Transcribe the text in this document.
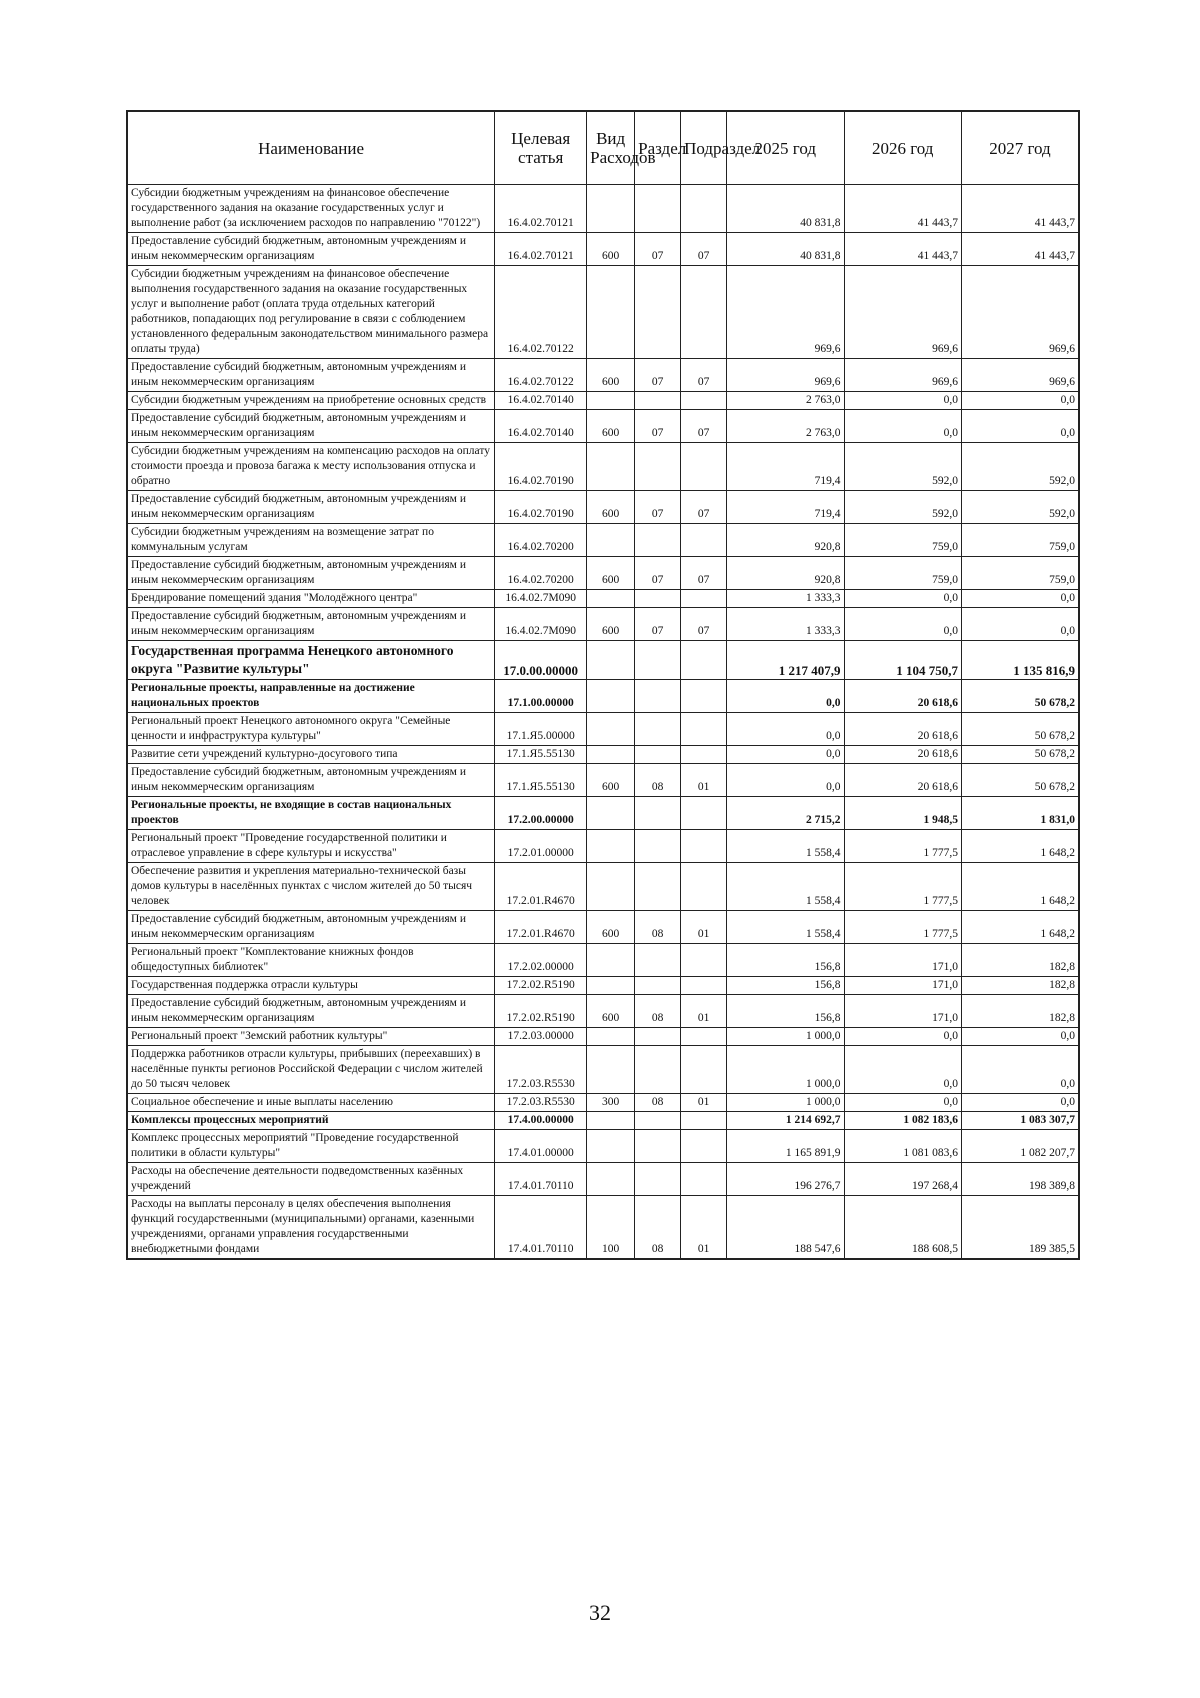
Наименование	Целевая статья	Вид Расходов	Раздел	Подраздел	2025 год	2026 год	2027 год
Субсидии бюджетным учреждениям на финансовое обеспечение государственного задания на оказание государственных услуг и выполнение работ (за исключением расходов по направлению "70122")	16.4.02.70121				40 831,8	41 443,7	41 443,7
Предоставление субсидий бюджетным, автономным учреждениям и иным некоммерческим организациям	16.4.02.70121	600	07	07	40 831,8	41 443,7	41 443,7
Субсидии бюджетным учреждениям на финансовое обеспечение выполнения государственного задания на оказание государственных услуг и выполнение работ (оплата труда отдельных категорий работников, попадающих под регулирование в связи с соблюдением установленного федеральным законодательством минимального размера оплаты труда)	16.4.02.70122				969,6	969,6	969,6
Предоставление субсидий бюджетным, автономным учреждениям и иным некоммерческим организациям	16.4.02.70122	600	07	07	969,6	969,6	969,6
Субсидии бюджетным учреждениям на приобретение основных средств	16.4.02.70140				2 763,0	0,0	0,0
Предоставление субсидий бюджетным, автономным учреждениям и иным некоммерческим организациям	16.4.02.70140	600	07	07	2 763,0	0,0	0,0
Субсидии бюджетным учреждениям на компенсацию расходов на оплату стоимости проезда и провоза багажа к месту использования отпуска и обратно	16.4.02.70190				719,4	592,0	592,0
Предоставление субсидий бюджетным, автономным учреждениям и иным некоммерческим организациям	16.4.02.70190	600	07	07	719,4	592,0	592,0
Субсидии бюджетным учреждениям на возмещение затрат по коммунальным услугам	16.4.02.70200				920,8	759,0	759,0
Предоставление субсидий бюджетным, автономным учреждениям и иным некоммерческим организациям	16.4.02.70200	600	07	07	920,8	759,0	759,0
Брендирование помещений здания "Молодёжного центра"	16.4.02.7М090				1 333,3	0,0	0,0
Предоставление субсидий бюджетным, автономным учреждениям и иным некоммерческим организациям	16.4.02.7М090	600	07	07	1 333,3	0,0	0,0
Государственная программа Ненецкого автономного округа "Развитие культуры"	17.0.00.00000				1 217 407,9	1 104 750,7	1 135 816,9
Региональные проекты, направленные на достижение национальных проектов	17.1.00.00000				0,0	20 618,6	50 678,2
Региональный проект Ненецкого автономного округа "Семейные ценности и инфраструктура культуры"	17.1.Я5.00000				0,0	20 618,6	50 678,2
Развитие сети учреждений культурно-досугового типа	17.1.Я5.55130				0,0	20 618,6	50 678,2
Предоставление субсидий бюджетным, автономным учреждениям и иным некоммерческим организациям	17.1.Я5.55130	600	08	01	0,0	20 618,6	50 678,2
Региональные проекты, не входящие в состав национальных проектов	17.2.00.00000				2 715,2	1 948,5	1 831,0
Региональный проект "Проведение государственной политики и отраслевое управление в сфере культуры и искусства"	17.2.01.00000				1 558,4	1 777,5	1 648,2
Обеспечение развития и укрепления материально-технической базы домов культуры в населённых пунктах с числом жителей до 50 тысяч человек	17.2.01.R4670				1 558,4	1 777,5	1 648,2
Предоставление субсидий бюджетным, автономным учреждениям и иным некоммерческим организациям	17.2.01.R4670	600	08	01	1 558,4	1 777,5	1 648,2
Региональный проект "Комплектование книжных фондов общедоступных библиотек"	17.2.02.00000				156,8	171,0	182,8
Государственная поддержка отрасли культуры	17.2.02.R5190				156,8	171,0	182,8
Предоставление субсидий бюджетным, автономным учреждениям и иным некоммерческим организациям	17.2.02.R5190	600	08	01	156,8	171,0	182,8
Региональный проект "Земский работник культуры"	17.2.03.00000				1 000,0	0,0	0,0
Поддержка работников отрасли культуры, прибывших (переехавших) в населённые пункты регионов Российской Федерации с числом жителей до 50 тысяч человек	17.2.03.R5530				1 000,0	0,0	0,0
Социальное обеспечение и иные выплаты населению	17.2.03.R5530	300	08	01	1 000,0	0,0	0,0
Комплексы процессных мероприятий	17.4.00.00000				1 214 692,7	1 082 183,6	1 083 307,7
Комплекс процессных мероприятий "Проведение государственной политики в области культуры"	17.4.01.00000				1 165 891,9	1 081 083,6	1 082 207,7
Расходы на обеспечение деятельности подведомственных казённых учреждений	17.4.01.70110				196 276,7	197 268,4	198 389,8
Расходы на выплаты персоналу в целях обеспечения выполнения функций государственными (муниципальными) органами, казенными учреждениями, органами управления государственными внебюджетными фондами	17.4.01.70110	100	08	01	188 547,6	188 608,5	189 385,5
32
